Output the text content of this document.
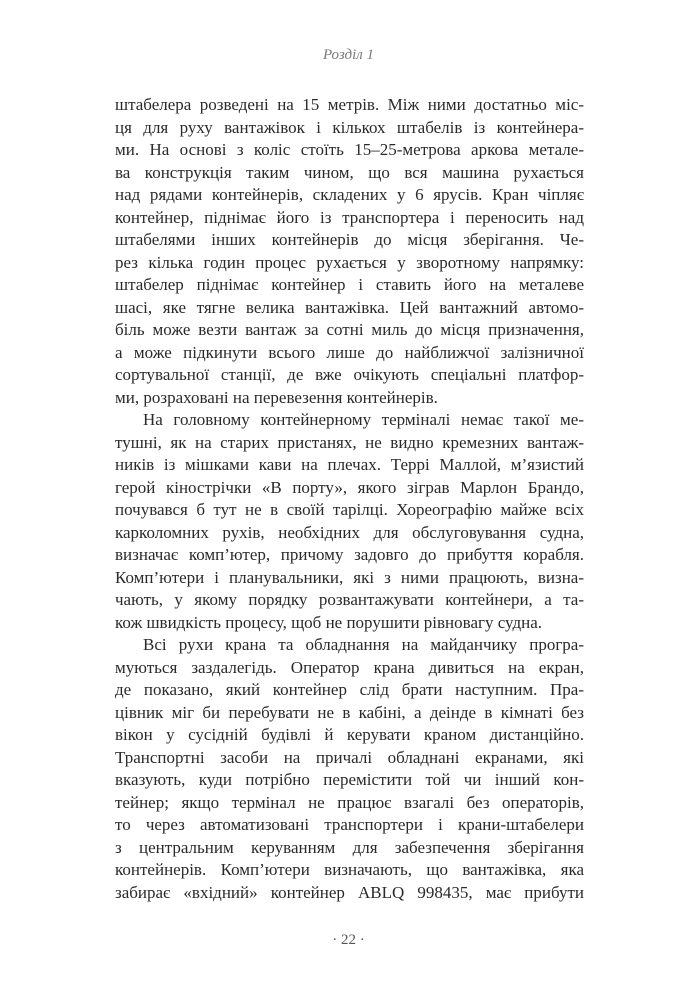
Розділ 1
штабелера розведені на 15 метрів. Між ними достатньо міс-
ця для руху вантажівок і кількох штабелів із контейнера-
ми. На основі з коліс стоїть 15–25-метрова аркова метале-
ва конструкція таким чином, що вся машина рухається
над рядами контейнерів, складених у 6 ярусів. Кран чіпляє
контейнер, піднімає його із транспортера і переносить над
штабелями інших контейнерів до місця зберігання. Че-
рез кілька годин процес рухається у зворотному напрямку:
штабелер піднімає контейнер і ставить його на металеве
шасі, яке тягне велика вантажівка. Цей вантажний автомо-
біль може везти вантаж за сотні миль до місця призначення,
а може підкинути всього лише до найближчої залізничної
сортувальної станції, де вже очікують спеціальні платфор-
ми, розраховані на перевезення контейнерів.
На головному контейнерному терміналі немає такої ме-
тушні, як на старих пристанях, не видно кремезних вантаж-
ників із мішками кави на плечах. Террі Маллой, м’язистий
герой кінострічки «В порту», якого зіграв Марлон Брандо,
почувався б тут не в своїй тарілці. Хореографію майже всіх
карколомних рухів, необхідних для обслуговування судна,
визначає комп’ютер, причому задовго до прибуття корабля.
Комп’ютери і планувальники, які з ними працюють, визна-
чають, у якому порядку розвантажувати контейнери, а та-
кож швидкість процесу, щоб не порушити рівновагу судна.
Всі рухи крана та обладнання на майданчику програ-
муються заздалегідь. Оператор крана дивиться на екран,
де показано, який контейнер слід брати наступним. Пра-
цівник міг би перебувати не в кабіні, а деінде в кімнаті без
вікон у сусідній будівлі й керувати краном дистанційно.
Транспортні засоби на причалі обладнані екранами, які
вказують, куди потрібно перемістити той чи інший кон-
тейнер; якщо термінал не працює взагалі без операторів,
то через автоматизовані транспортери і крани-штабелери
з центральним керуванням для забезпечення зберігання
контейнерів. Комп’ютери визначають, що вантажівка, яка
забирає «вхідний» контейнер ABLQ 998435, має прибути
· 22 ·
